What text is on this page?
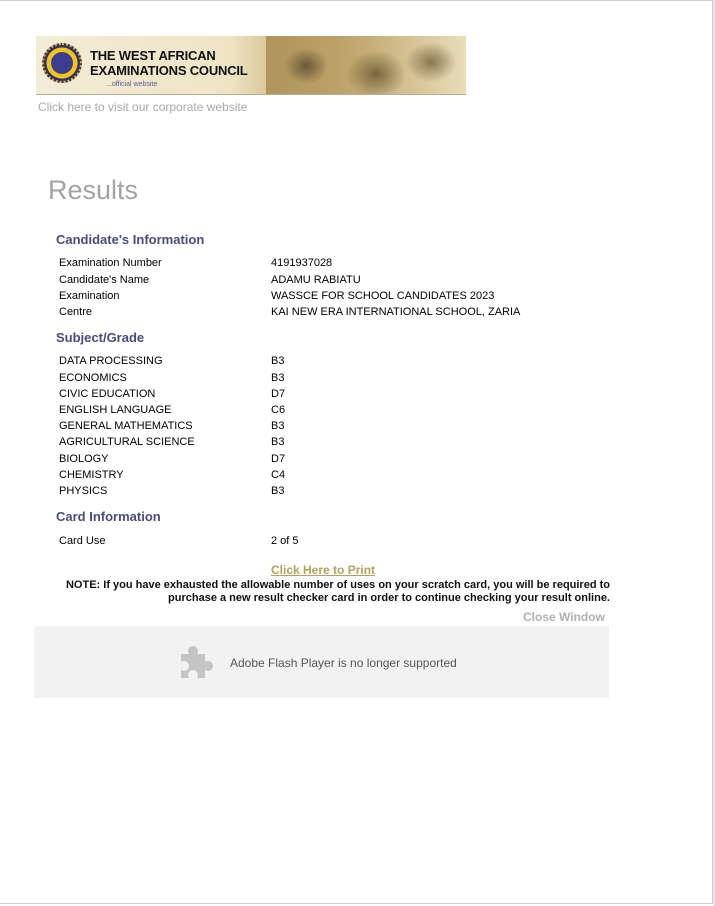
THE WEST AFRICAN
EXAMINATIONS COUNCIL
...official website
Click here to visit our corporate website
Results
Candidate's Information
Examination Number	4191937028
Candidate's Name	ADAMU RABIATU
Examination	WASSCE FOR SCHOOL CANDIDATES 2023
Centre	KAI NEW ERA INTERNATIONAL SCHOOL, ZARIA
Subject/Grade
DATA PROCESSING	B3
ECONOMICS	B3
CIVIC EDUCATION	D7
ENGLISH LANGUAGE	C6
GENERAL MATHEMATICS	B3
AGRICULTURAL SCIENCE	B3
BIOLOGY	D7
CHEMISTRY	C4
PHYSICS	B3
Card Information
Card Use	2 of 5
Click Here to Print
NOTE: If you have exhausted the allowable number of uses on your scratch card, you will be required to purchase a new result checker card in order to continue checking your result online.
Close Window
Adobe Flash Player is no longer supported
